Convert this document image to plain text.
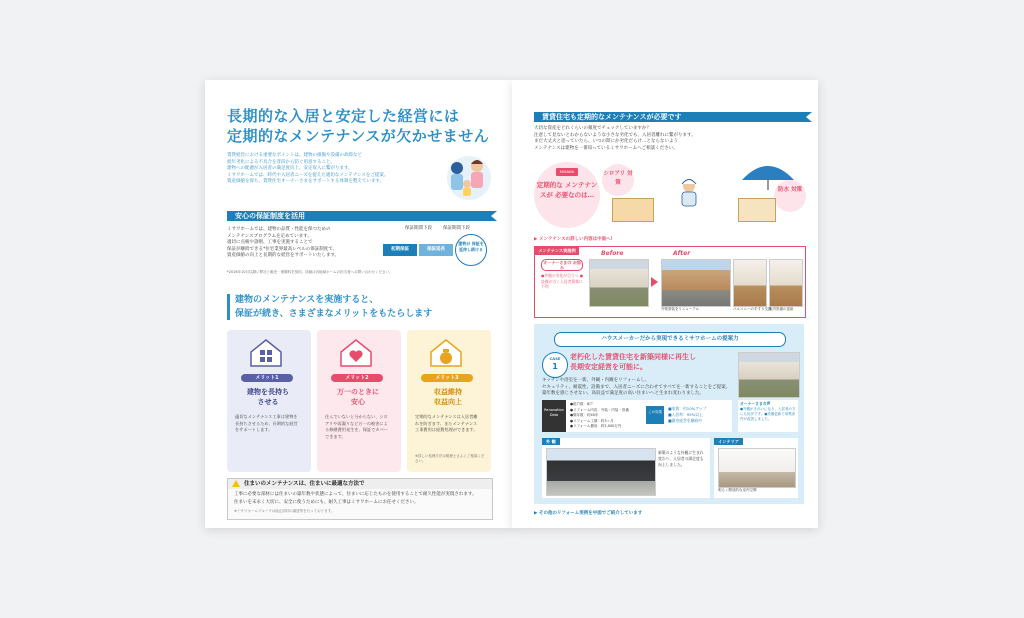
長期的な入居と安定した経営には
定期的なメンテナンスが欠かせません
賃貸経営における重要なポイントは、建物の損傷や設備の故障など
経年劣化による不具合を普段から防ぐ用意すること。
建物への配慮が入居者の満足度向上、安定収入に繋がります。
ミサワホームでは、時代や入居者ニーズを捉えた適切なメンテナンスをご提案。
資産価値を保ち、賃貸住宅オーナーさまをサポートする体制を整えています。
安心の保証制度を活用
ミサワホームでは、建物の品質・性能を保つための
メンテナンスプログラムを定めています。
適切に点検や診断、工事を実施することで
保証が継続できる*住宅業界最高レベルの保証制度で、
資産価値の向上と長期的な経営をサポートいたします。
保証期間下段 保証期間下段
初期保証	保証延長
建物が 保証を 延伸し続ける
*2016年10月以降に弊社と販売・保険料を契約。詳細は各地域ホームの担当者へお問い合わせください。
建物のメンテナンスを実施すると、
保証が続き、さまざまなメリットをもたらします
メリット1
建物を長持ち
させる
適切なメンテナンス工事は建物を長持ちさせるため、長期的な経営をサポートします。
メリット2
万一のときに
安心
住んでいないと分からない、シロアリや雨漏りなど万一の被害による修繕費用発生を、保証でカバーできます。
メリット3
収益維持
収益向上
定期的なメンテナンスは入居者離れを防ぎます。またメンテナンス工事費用は経費処理ができます。
※詳しい処理方法は税理士さんにご相談ください。
住まいのメンテナンスは、住まいに最適な方法で
工事に必要な部材には住まいの築年数や状態によって、住まいに応じたものを使用することで耐久性能が実現されます。
住まいを末永く大切に、安全に使うためにも、耐久工事はミサワホームにお任せください。
※ミサワホームグループは純正部材の調達等を行っております。
賃貸住宅も定期的なメンテナンスが必要です
大切な資産をどれくらいの頻度でチェックしていますか？
注意して見ないとわからないような小さな劣化でも、入居者離れに繋がります。
まだ大丈夫と思っていたら、いつの間にか劣化だらけ…とならないよう
メンテナンスは建物を一番知っているミサワホームへご相談ください。
MISAWA
定期的な メンテナンスが 必要なのは…
シロアリ 対策
防水 対策
▶ メンテナンスの詳しい内容は中面へ!
メンテナンス実施例
オーナーさまの お悩み
●外観の劣化が目立つ ●設備が古く入居者募集に不利
Before	After
外壁塗装をリニューアル	バルコニーの手すり交換
室内設備の更新
ハウスメーカーだから実現できるミサワホームの提案力
CASE
1
老朽化した賃貸住宅を新築同様に再生し
長期安定経営を可能に。
キッチンや浴室を一新。外観・内観をリフォームし、
セキュリティ、耐震性、設備まで、入居者ニーズに合わせてすべてを一新することをご提案。
築年数を感じさせない、高収益で満足度の高い住まいへと生まれ変わりました。
Renovation Data
●総戸数：8戸
●リフォーム内容：外装・内装・設備
●築年数：約40年
●リフォーム工期：約3ヶ月
●リフォーム費用：約2,000万円
この効果
■家賃：約10%アップ
■入居率：95%以上
■満室経営を継続中
オーナーさまの声
●外観がきれいになり、入居者の方にも好評です。●設備更新で募集条件が改善しました。
外 観
新築のような外観に生まれ変わり、入居者の満足度も向上しました。
インテリア
明るく開放的な室内空間
▶ その他のリフォーム実例を中面でご紹介しています
